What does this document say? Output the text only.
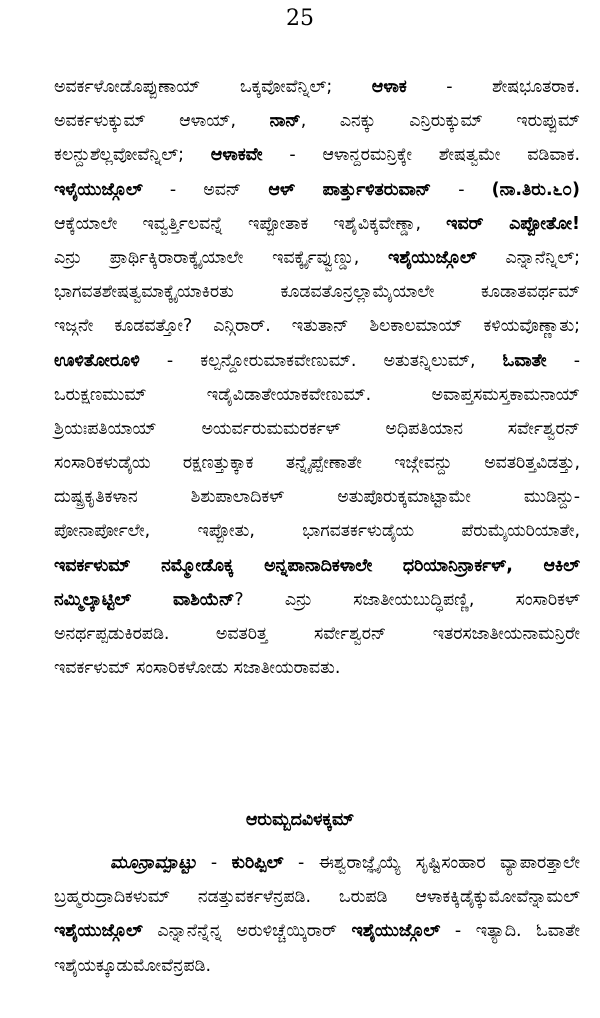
25
ಅವರ್ಕಳೋಡೊಪ್ಪುಣಾಯ್ ಒಕ್ಕವೋವೆನ್ನಿಲ್; ಆಳಾಕ - ಶೇಷಭೂತರಾಕ.
ಅವರ್ಕಳುಕ್ಕುಮ್ ಆಳಾಯ್, ನಾನ್, ಎನಕ್ಕು ಎನ್ರಿರುಕ್ಕುಮ್ ಇರುಪ್ಪುಮ್
ಕಲನ್ದುಶೆಲ್ಲವೋವೆನ್ನಿಲ್; ಆಳಾಕವೇ - ಆಳಾನ್ದರಮನ್ರಿಕ್ಕೇ ಶೇಷತ್ವಮೇ ವಡಿವಾಕ.
ಇಳೈಯುಜ್ಗೊಲ್ - ಅವನ್ ಆಳ್ ಪಾರ್ತ್ತುಳಿತರುವಾನ್ - (ನಾ.ತಿರು.೬೦)
ಆಕ್ಕೆಯಾಲೇ ಇವ್ವರ್ತ್ತಿಲವನ್ನೆ ಇಪ್ಪೋತಾಕ ಇಶೈವಿಕ್ಕವೇಣ್ಡಾ, ಇವರ್ ಎಪ್ಪೋತೋ!
ಎನ್ರು ಪ್ರಾರ್ಥಿಕ್ಕಿರಾರಾಕ್ಕೈಯಾಲೇ ಇವರ್ಕ್ಕೈವ್ವುಣ್ಡು, ಇಶೈಯುಜ್ಗೊಲ್ ಎನ್ನಾನೆನ್ನಿಲ್;
ಭಾಗವತಶೇಷತ್ವಮಾಕ್ಕೈಯಾಕಿರತು ಕೂಡವತೊನ್ರಲ್ಲಾಮೈಯಾಲೇ ಕೂಡಾತವರ್ಥಮ್
ಇಜ್ಗನೇ ಕೂಡವತ್ತೋ? ಎನ್ಗಿರಾರ್. ಇತುತಾನ್ ಶಿಲಕಾಲಮಾಯ್ ಕಳಿಯವೊಣ್ಣಾತು;
ಊಳಿತೋರೂಳಿ - ಕಲ್ಪನ್ದೋರುಮಾಕವೇಣುಮ್. ಅತುತನ್ನಿಲುಮ್, ಓವಾತೇ -
ಒರುಕ್ಷಣಮುಮ್ ಇಡೈವಿಡಾತೇಯಾಕವೇಣುಮ್. ಅವಾಪ್ತಸಮಸ್ತಕಾಮನಾಯ್
ಶ್ರಿಯಃಪತಿಯಾಯ್ ಅಯರ್ವರುಮಮರರ್ಕಳ್ ಅಧಿಪತಿಯಾನ ಸರ್ವೇಶ್ವರನ್
ಸಂಸಾರಿಕಳುಡೈಯ ರಕ್ಷಣತ್ತುಕ್ಕಾಕ ತನ್ನೈಪ್ಪೇಣಾತೇ ಇಜ್ಗೇವನ್ದು ಅವತರಿತ್ತವಿಡತ್ತು,
ದುಷ್ಪ್ರಕೃತಿಕಳಾನ ಶಿಶುಪಾಲಾದಿಕಳ್ ಅತುಪೊರುಕ್ಕಮಾಟ್ಟಾಮೇ ಮುಡಿನ್ದು-
ಪೋನಾರ್ಪೋಲೇ, ಇಪ್ಪೋತು, ಭಾಗವತರ್ಕಳುಡೈಯ ಪೆರುಮೈಯರಿಯಾತೇ,
ಇವರ್ಕಳುಮ್ ನಮ್ಮೋಡೊಕ್ಕ ಅನ್ನಪಾನಾದಿಕಳಾಲೇ ಧರಿಯಾನಿನ್ರಾರ್ಕಳ್, ಆಕಿಲ್
ನಮ್ಮಿಲ್ಕಾಟ್ಟಿಲ್ ವಾಶಿಯೆನ್? ಎನ್ರು ಸಜಾತೀಯಬುದ್ಧಿಪಣ್ಣಿ, ಸಂಸಾರಿಕಳ್
ಅನರ್ಥಪ್ಪಡುಕಿರಪಡಿ. ಅವತರಿತ್ತ ಸರ್ವೇಶ್ವರನ್ ಇತರಸಜಾತೀಯನಾಮನ್ರಿರೇ
ಇವರ್ಕಳುಮ್ ಸಂಸಾರಿಕಳೋಡು ಸಜಾತೀಯರಾವತು.
ಆರುಮ್ಬದವಿಳಕ್ಕಮ್
ಮೂನ್ರಾಮ್ಪಾಟ್ಟು - ಕುರಿಪ್ಪಿಲ್ - ಈಶ್ವರಾಜ್ಞೈಯ್ಯೆ ಸೃಷ್ಟಿಸಂಹಾರ ವ್ಯಾಪಾರತ್ತಾಲೇ
ಬ್ರಹ್ಮರುದ್ರಾದಿಕಳುಮ್ ನಡತ್ತುವರ್ಕಳೆನ್ರಪಡಿ. ಒರುಪಡಿ ಆಳಾಕಕ್ಕಿಡೈಕ್ಕುಮೋವೆನ್ನಾಮಲ್
ಇಶೈಯುಜ್ಗೊಲ್ ಎನ್ನಾನೆನ್ನೆನ್ನ ಅರುಳಿಚ್ಚೆಯ್ಕಿರಾರ್ ಇಶೈಯುಜ್ಗೊಲ್ - ಇತ್ಯಾದಿ. ಓವಾತೇ
ಇಶೈಯಕ್ಕೂಡುಮೋವೆನ್ರಪಡಿ.
